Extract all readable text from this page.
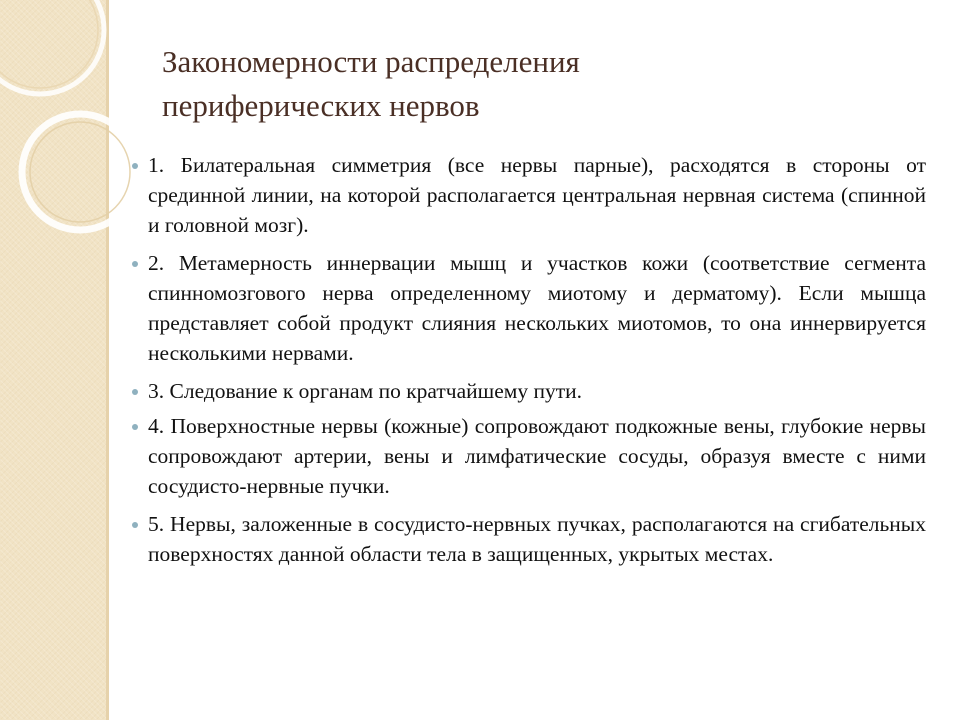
Закономерности распределения
периферических нервов
1. Билатеральная симметрия (все нервы парные), расходятся в стороны от срединной линии, на которой располагается центральная нервная система (спинной и головной мозг).
2. Метамерность иннервации мышц и участков кожи (соответствие сегмента спинномозгового нерва определенному миотому и дерматому). Если мышца представляет собой продукт слияния нескольких миотомов, то она иннервируется несколькими нервами.
3. Следование к органам по кратчайшему пути.
4. Поверхностные нервы (кожные) сопровождают подкожные вены, глубокие нервы сопровождают артерии, вены и лимфатические сосуды, образуя вместе с ними сосудисто-нервные пучки.
5. Нервы, заложенные в сосудисто-нервных пучках, располагаются на сгибательных поверхностях данной области тела в защищенных, укрытых местах.
